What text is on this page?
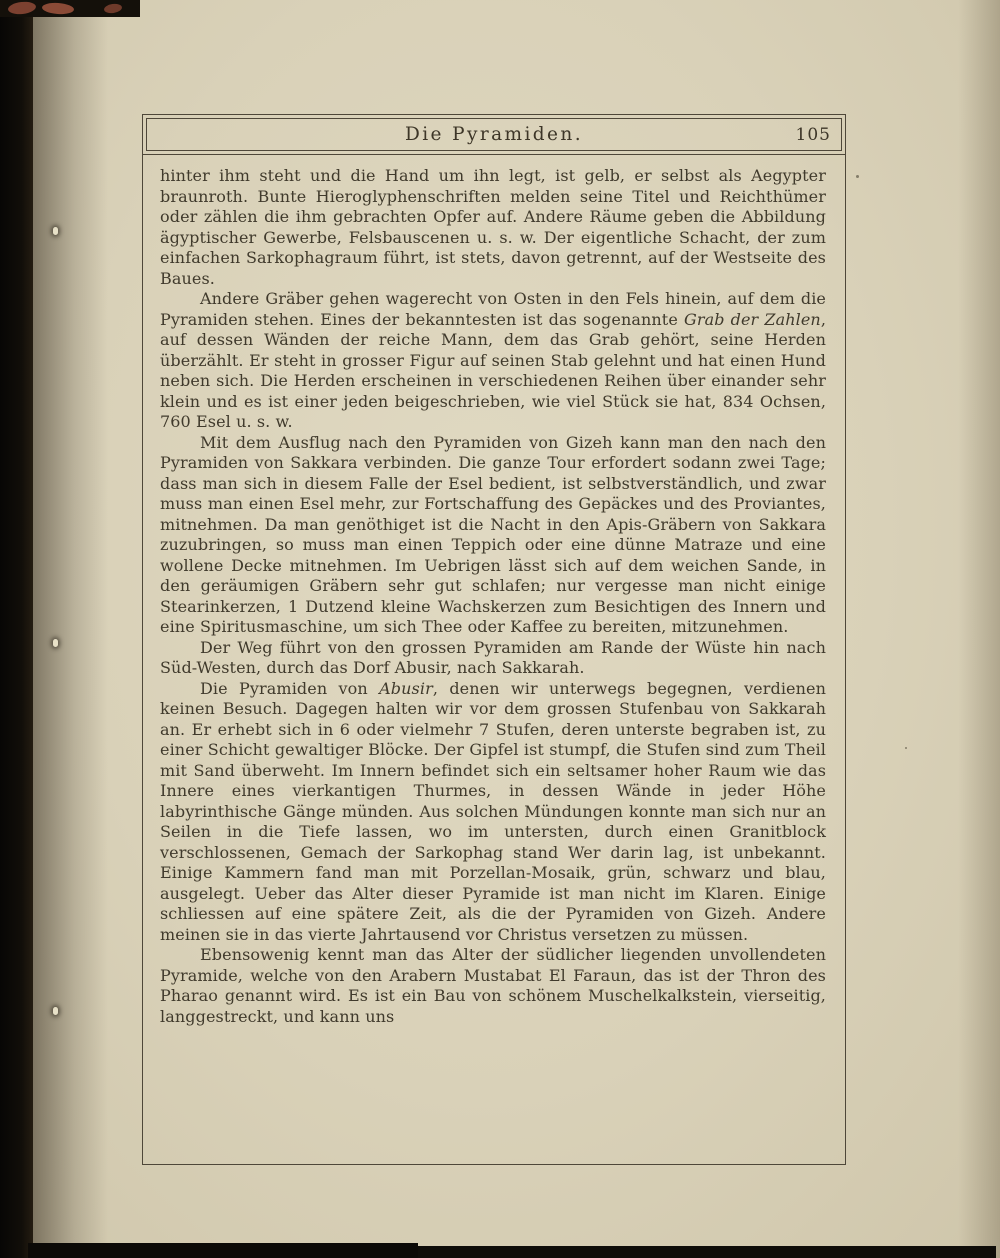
Die Pyramiden.	105

hinter ihm steht und die Hand um ihn legt, ist gelb, er selbst als Aegypter braunroth. Bunte Hieroglyphenschriften melden seine Titel und Reichthümer oder zählen die ihm gebrachten Opfer auf. Andere Räume geben die Abbildung ägyptischer Gewerbe, Felsbauscenen u. s. w. Der eigentliche Schacht, der zum einfachen Sarkophagraum führt, ist stets, davon getrennt, auf der Westseite des Baues.

Andere Gräber gehen wagerecht von Osten in den Fels hinein, auf dem die Pyramiden stehen. Eines der bekanntesten ist das sogenannte Grab der Zahlen, auf dessen Wänden der reiche Mann, dem das Grab gehört, seine Herden überzählt. Er steht in grosser Figur auf seinen Stab gelehnt und hat einen Hund neben sich. Die Herden erscheinen in verschiedenen Reihen über einander sehr klein und es ist einer jeden beigeschrieben, wie viel Stück sie hat, 834 Ochsen, 760 Esel u. s. w.

Mit dem Ausflug nach den Pyramiden von Gizeh kann man den nach den Pyramiden von Sakkara verbinden. Die ganze Tour erfordert sodann zwei Tage; dass man sich in diesem Falle der Esel bedient, ist selbstverständlich, und zwar muss man einen Esel mehr, zur Fortschaffung des Gepäckes und des Proviantes, mitnehmen. Da man genöthiget ist die Nacht in den Apis-Gräbern von Sakkara zuzubringen, so muss man einen Teppich oder eine dünne Matraze und eine wollene Decke mitnehmen. Im Uebrigen lässt sich auf dem weichen Sande, in den geräumigen Gräbern sehr gut schlafen; nur vergesse man nicht einige Stearinkerzen, 1 Dutzend kleine Wachskerzen zum Besichtigen des Innern und eine Spiritusmaschine, um sich Thee oder Kaffee zu bereiten, mitzunehmen.

Der Weg führt von den grossen Pyramiden am Rande der Wüste hin nach Süd-Westen, durch das Dorf Abusir, nach Sakkarah.

Die Pyramiden von Abusir, denen wir unterwegs begegnen, verdienen keinen Besuch. Dagegen halten wir vor dem grossen Stufenbau von Sakkarah an. Er erhebt sich in 6 oder vielmehr 7 Stufen, deren unterste begraben ist, zu einer Schicht gewaltiger Blöcke. Der Gipfel ist stumpf, die Stufen sind zum Theil mit Sand überweht. Im Innern befindet sich ein seltsamer hoher Raum wie das Innere eines vierkantigen Thurmes, in dessen Wände in jeder Höhe labyrinthische Gänge münden. Aus solchen Mündungen konnte man sich nur an Seilen in die Tiefe lassen, wo im untersten, durch einen Granitblock verschlossenen, Gemach der Sarkophag stand Wer darin lag, ist unbekannt. Einige Kammern fand man mit Porzellan-Mosaik, grün, schwarz und blau, ausgelegt. Ueber das Alter dieser Pyramide ist man nicht im Klaren. Einige schliessen auf eine spätere Zeit, als die der Pyramiden von Gizeh. Andere meinen sie in das vierte Jahrtausend vor Christus versetzen zu müssen.

Ebensowenig kennt man das Alter der südlicher liegenden unvollendeten Pyramide, welche von den Arabern Mustabat El Faraun, das ist der Thron des Pharao genannt wird. Es ist ein Bau von schönem Muschelkalkstein, vierseitig, langgestreckt, und kann uns
